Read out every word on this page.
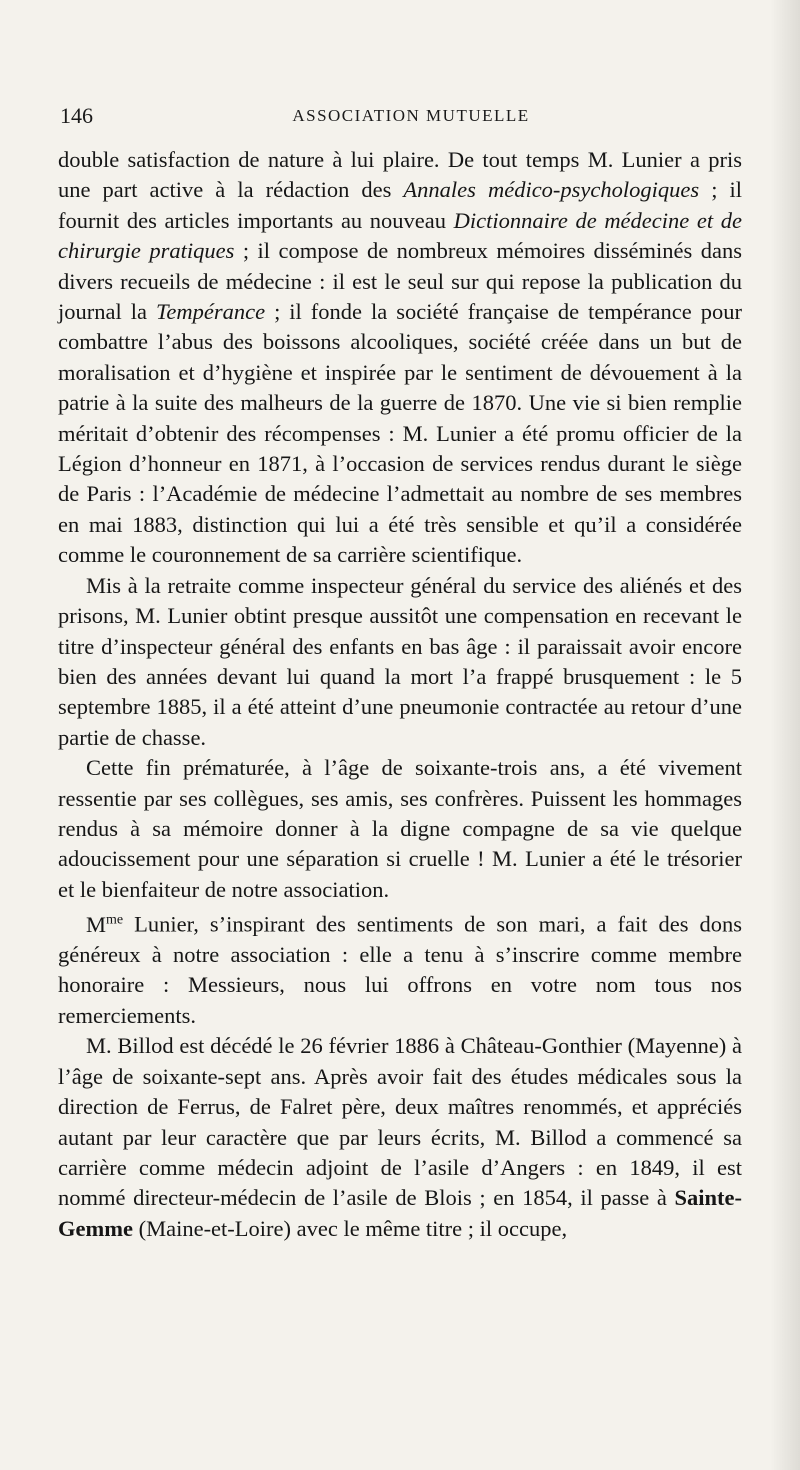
146	ASSOCIATION MUTUELLE

double satisfaction de nature à lui plaire. De tout temps M. Lunier a pris une part active à la rédaction des Annales médico-psychologiques ; il fournit des articles importants au nouveau Dictionnaire de médecine et de chirurgie pratiques ; il compose de nombreux mémoires disséminés dans divers recueils de médecine : il est le seul sur qui repose la publication du journal la Tempérance ; il fonde la société française de tempérance pour combattre l’abus des boissons alcooliques, société créée dans un but de moralisation et d’hygiène et inspirée par le sentiment de dévouement à la patrie à la suite des malheurs de la guerre de 1870. Une vie si bien remplie méritait d’obtenir des récompenses : M. Lunier a été promu officier de la Légion d’honneur en 1871, à l’occasion de services rendus durant le siège de Paris : l’Académie de médecine l’admettait au nombre de ses membres en mai 1883, distinction qui lui a été très sensible et qu’il a considérée comme le couronnement de sa carrière scientifique.

Mis à la retraite comme inspecteur général du service des aliénés et des prisons, M. Lunier obtint presque aussitôt une compensation en recevant le titre d’inspecteur général des enfants en bas âge : il paraissait avoir encore bien des années devant lui quand la mort l’a frappé brusquement : le 5 septembre 1885, il a été atteint d’une pneumonie contractée au retour d’une partie de chasse.

Cette fin prématurée, à l’âge de soixante-trois ans, a été vivement ressentie par ses collègues, ses amis, ses confrères. Puissent les hommages rendus à sa mémoire donner à la digne compagne de sa vie quelque adoucissement pour une séparation si cruelle ! M. Lunier a été le trésorier et le bienfaiteur de notre association.

$M^{me}$ Lunier, s’inspirant des sentiments de son mari, a fait des dons généreux à notre association : elle a tenu à s’inscrire comme membre honoraire : Messieurs, nous lui offrons en votre nom tous nos remerciements.

M. Billod est décédé le 26 février 1886 à Château-Gonthier (Mayenne) à l’âge de soixante-sept ans. Après avoir fait des études médicales sous la direction de Ferrus, de Falret père, deux maîtres renommés, et appréciés autant par leur caractère que par leurs écrits, M. Billod a commencé sa carrière comme médecin adjoint de l’asile d’Angers : en 1849, il est nommé directeur-médecin de l’asile de Blois ; en 1854, il passe à Sainte-Gemme (Maine-et-Loire) avec le même titre ; il occupe,
